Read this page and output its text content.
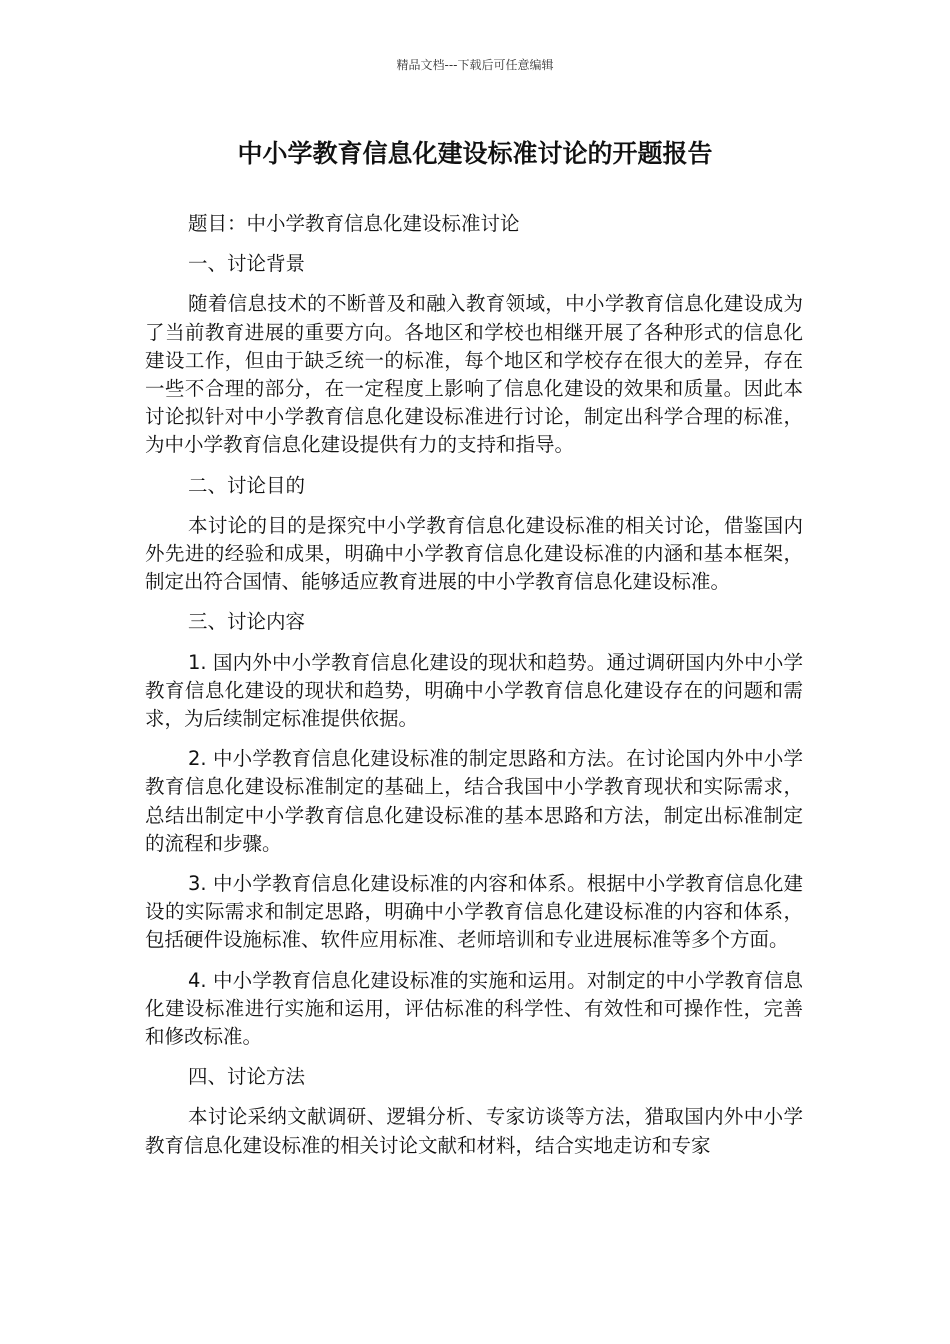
精品文档---下载后可任意编辑
中小学教育信息化建设标准讨论的开题报告

题目：中小学教育信息化建设标准讨论

一、讨论背景

随着信息技术的不断普及和融入教育领域，中小学教育信息化建设成为了当前教育进展的重要方向。各地区和学校也相继开展了各种形式的信息化建设工作，但由于缺乏统一的标准，每个地区和学校存在很大的差异，存在一些不合理的部分，在一定程度上影响了信息化建设的效果和质量。因此本讨论拟针对中小学教育信息化建设标准进行讨论，制定出科学合理的标准，为中小学教育信息化建设提供有力的支持和指导。

二、讨论目的

本讨论的目的是探究中小学教育信息化建设标准的相关讨论，借鉴国内外先进的经验和成果，明确中小学教育信息化建设标准的内涵和基本框架，制定出符合国情、能够适应教育进展的中小学教育信息化建设标准。

三、讨论内容

1. 国内外中小学教育信息化建设的现状和趋势。通过调研国内外中小学教育信息化建设的现状和趋势，明确中小学教育信息化建设存在的问题和需求，为后续制定标准提供依据。

2. 中小学教育信息化建设标准的制定思路和方法。在讨论国内外中小学教育信息化建设标准制定的基础上，结合我国中小学教育现状和实际需求，总结出制定中小学教育信息化建设标准的基本思路和方法，制定出标准制定的流程和步骤。

3. 中小学教育信息化建设标准的内容和体系。根据中小学教育信息化建设的实际需求和制定思路，明确中小学教育信息化建设标准的内容和体系，包括硬件设施标准、软件应用标准、老师培训和专业进展标准等多个方面。

4. 中小学教育信息化建设标准的实施和运用。对制定的中小学教育信息化建设标准进行实施和运用，评估标准的科学性、有效性和可操作性，完善和修改标准。

四、讨论方法

本讨论采纳文献调研、逻辑分析、专家访谈等方法，猎取国内外中小学教育信息化建设标准的相关讨论文献和材料，结合实地走访和专家
